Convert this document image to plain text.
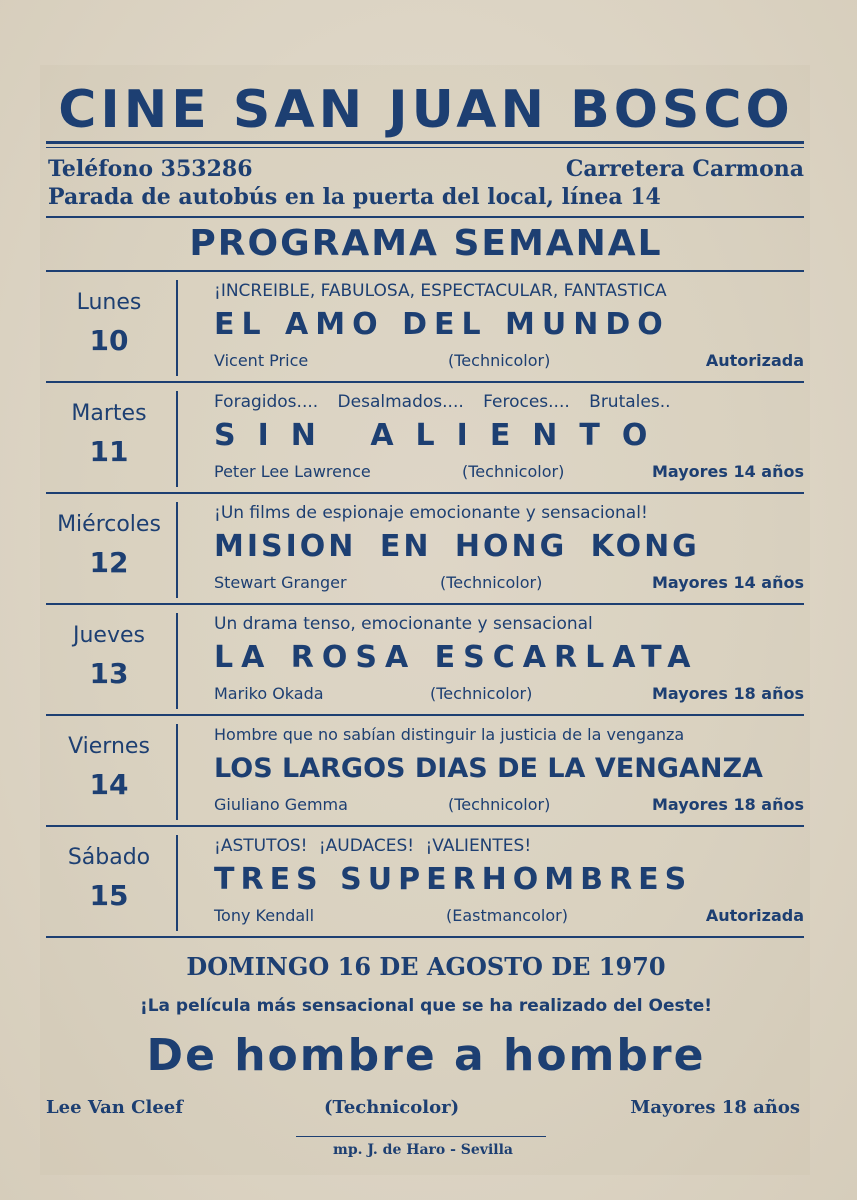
CINE SAN JUAN BOSCO
Teléfono 353286	Carretera Carmona
Parada de autobús en la puerta del local, línea 14
PROGRAMA SEMANAL
Lunes
10
¡INCREIBLE, FABULOSA, ESPECTACULAR, FANTASTICA
EL AMO DEL MUNDO
Vicent Price	(Technicolor)	Autorizada
Martes
11
Foragidos.... Desalmados.... Feroces.... Brutales..
SIN ALIENTO
Peter Lee Lawrence	(Technicolor)	Mayores 14 años
Miércoles
12
¡Un films de espionaje emocionante y sensacional!
MISION EN HONG KONG
Stewart Granger	(Technicolor)	Mayores 14 años
Jueves
13
Un drama tenso, emocionante y sensacional
LA ROSA ESCARLATA
Mariko Okada	(Technicolor)	Mayores 18 años
Viernes
14
Hombre que no sabían distinguir la justicia de la venganza
LOS LARGOS DIAS DE LA VENGANZA
Giuliano Gemma	(Technicolor)	Mayores 18 años
Sábado
15
¡ASTUTOS! ¡AUDACES! ¡VALIENTES!
TRES SUPERHOMBRES
Tony Kendall	(Eastmancolor)	Autorizada
DOMINGO 16 DE AGOSTO DE 1970
¡La película más sensacional que se ha realizado del Oeste!
De hombre a hombre
Lee Van Cleef	(Technicolor)	Mayores 18 años
mp. J. de Haro - Sevilla
